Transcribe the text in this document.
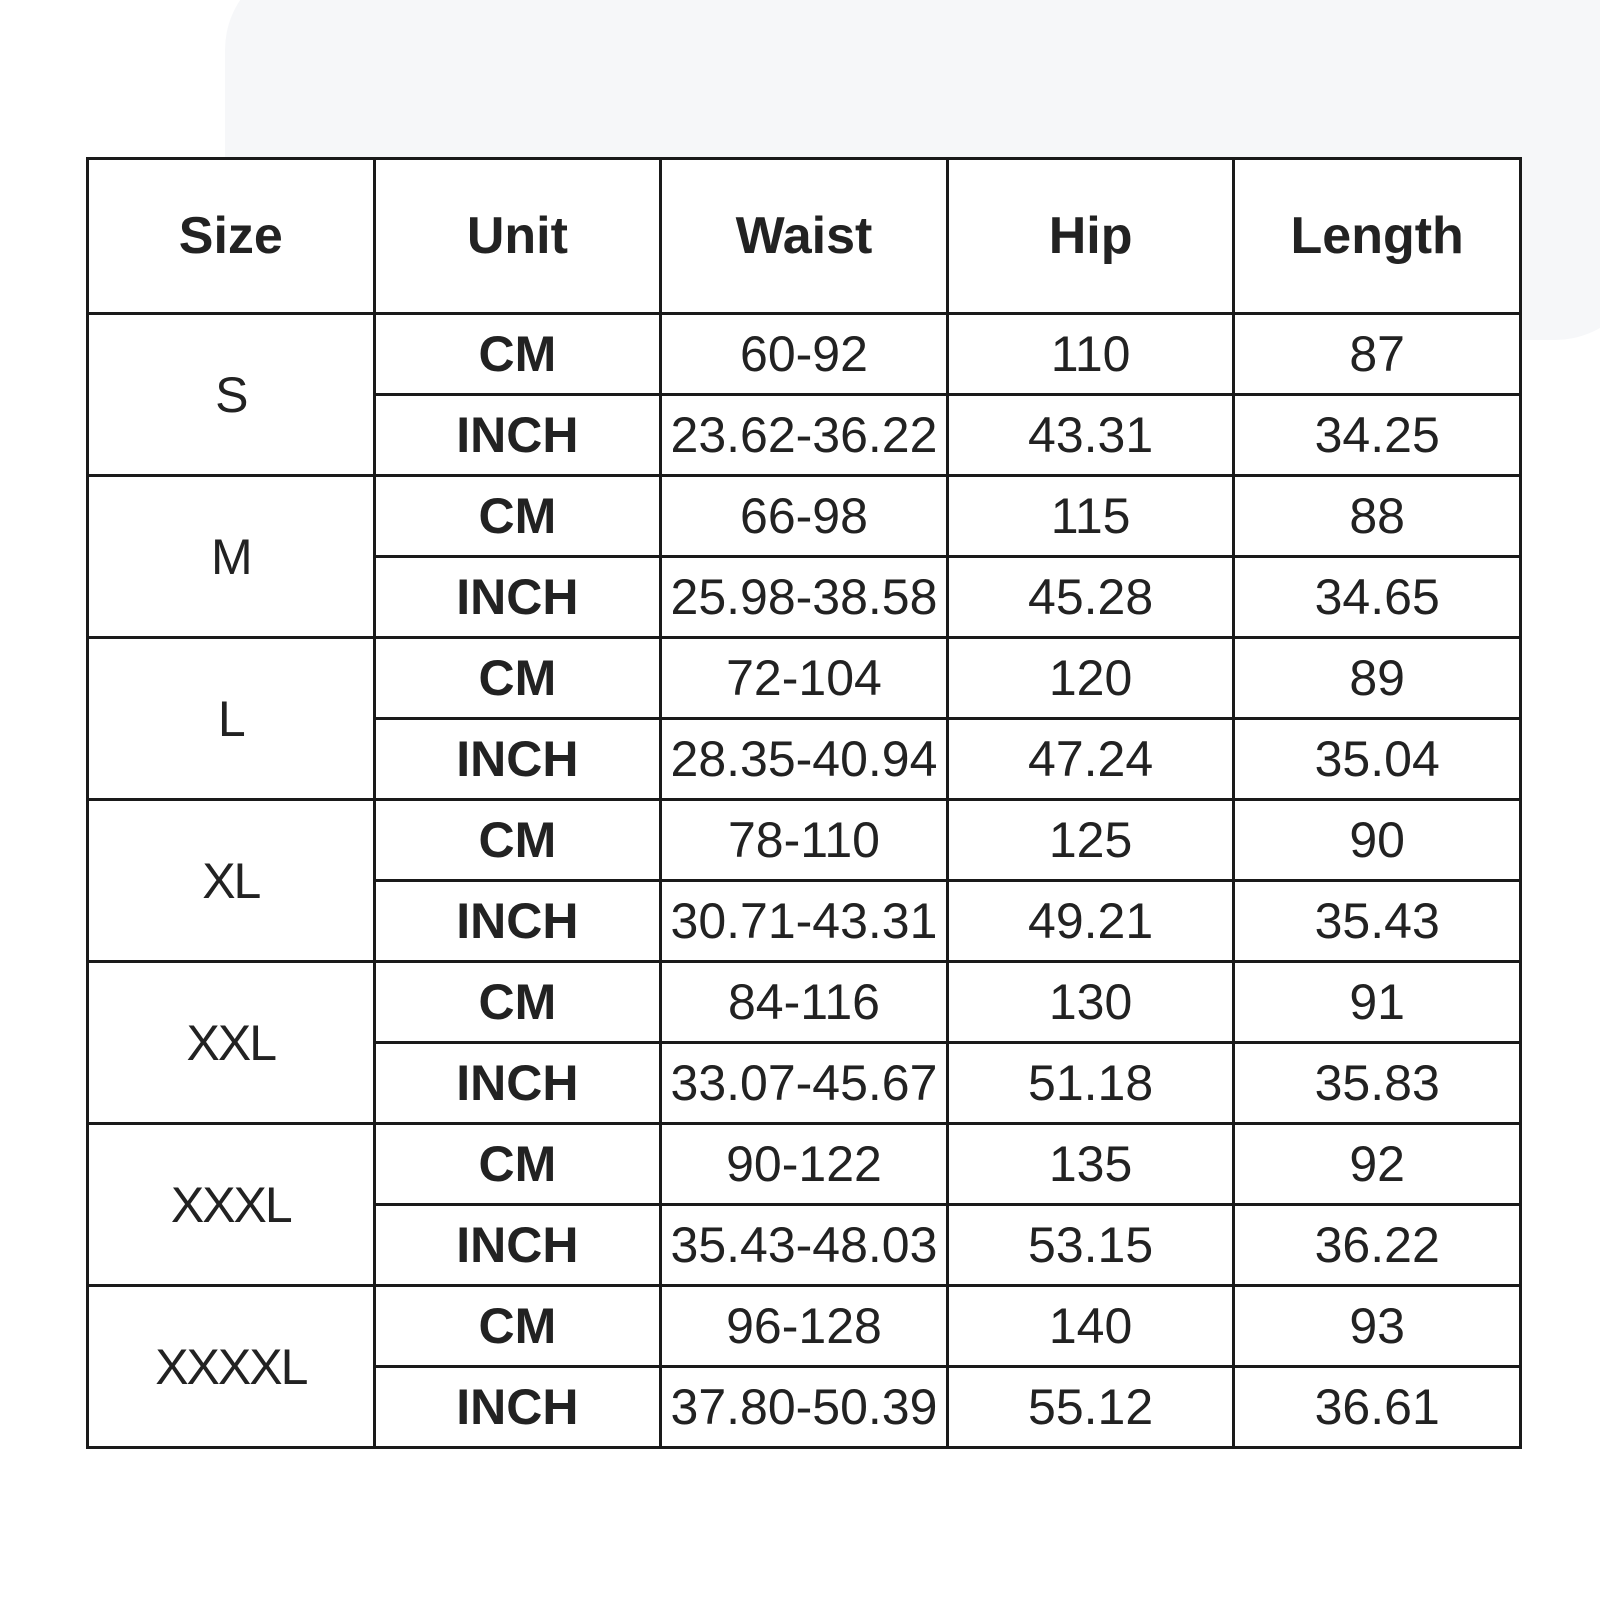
Size	Unit	Waist	Hip	Length
S	CM	60-92	110	87
	INCH	23.62-36.22	43.31	34.25
M	CM	66-98	115	88
	INCH	25.98-38.58	45.28	34.65
L	CM	72-104	120	89
	INCH	28.35-40.94	47.24	35.04
XL	CM	78-110	125	90
	INCH	30.71-43.31	49.21	35.43
XXL	CM	84-116	130	91
	INCH	33.07-45.67	51.18	35.83
XXXL	CM	90-122	135	92
	INCH	35.43-48.03	53.15	36.22
XXXXL	CM	96-128	140	93
	INCH	37.80-50.39	55.12	36.61
